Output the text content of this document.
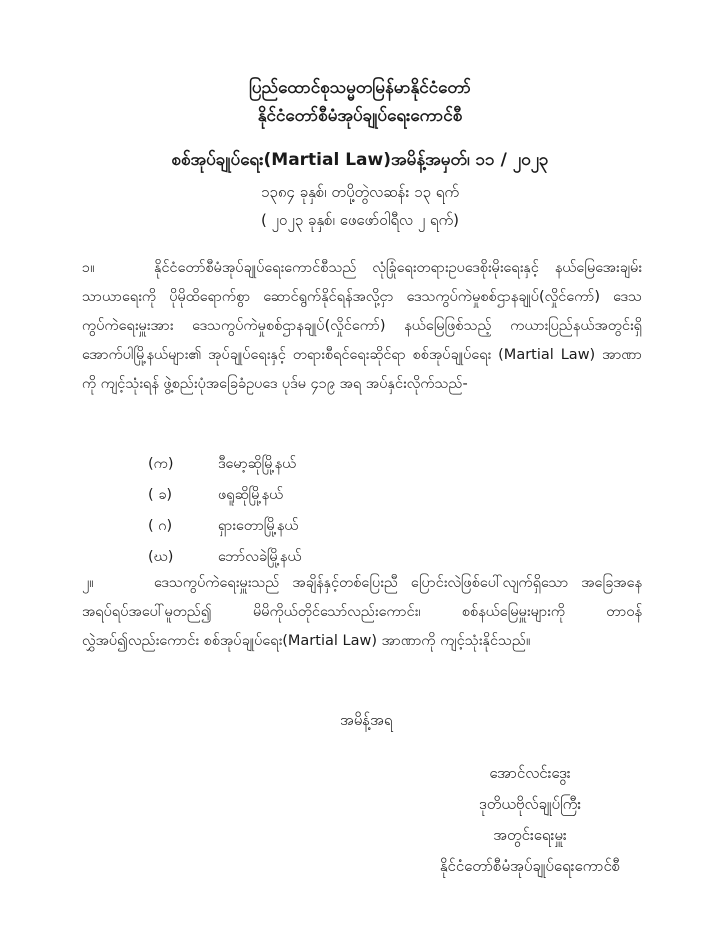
ပြည်ထောင်စုသမ္မတမြန်မာနိုင်ငံတော်
နိုင်ငံတော်စီမံအုပ်ချုပ်ရေးကောင်စီ
စစ်အုပ်ချုပ်ရေး(Martial Law)အမိန့်အမှတ်၊ ၁၁ / ၂၀၂၃
၁၃၈၄ ခုနှစ်၊ တပို့တွဲလဆန်း ၁၃ ရက်
( ၂၀၂၃ ခုနှစ်၊ ဖေဖော်ဝါရီလ ၂ ရက်)
၁။	နိုင်ငံတော်စီမံအုပ်ချုပ်ရေးကောင်စီသည် လုံခြုံရေးတရားဥပဒေစိုးမိုးရေးနှင့် နယ်မြေအေးချမ်းသာယာရေးကို ပိုမိုထိရောက်စွာ ဆောင်ရွက်နိုင်ရန်အလို့ငှာ ဒေသကွပ်ကဲမှုစစ်ဌာနချုပ်(လှိုင်ကော်) ဒေသကွပ်ကဲရေးမှူးအား ဒေသကွပ်ကဲမှုစစ်ဌာနချုပ်(လှိုင်ကော်) နယ်မြေဖြစ်သည့် ကယားပြည်နယ်အတွင်းရှိ အောက်ပါမြို့နယ်များ၏ အုပ်ချုပ်ရေးနှင့် တရားစီရင်ရေးဆိုင်ရာ စစ်အုပ်ချုပ်ရေး (Martial Law) အာဏာကို ကျင့်သုံးရန် ဖွဲ့စည်းပုံအခြေခံဥပဒေ ပုဒ်မ ၄၁၉ အရ အပ်နှင်းလိုက်သည်-
(က)	ဒီမော့ဆိုမြို့နယ်
( ခ)	ဖရူဆိုမြို့နယ်
( ဂ)	ရှားတောမြို့နယ်
(ဃ)	ဘော်လခဲမြို့နယ်
၂။	ဒေသကွပ်ကဲရေးမှူးသည် အချိန်နှင့်တစ်ပြေးညီ ပြောင်းလဲဖြစ်ပေါ်လျက်ရှိသော အခြေအနေ အရပ်ရပ်အပေါ်မူတည်၍ မိမိကိုယ်တိုင်သော်လည်းကောင်း၊ စစ်နယ်မြေမှူးများကို တာဝန်လွှဲအပ်၍လည်းကောင်း စစ်အုပ်ချုပ်ရေး(Martial Law) အာဏာကို ကျင့်သုံးနိုင်သည်။
အမိန့်အရ
အောင်လင်းဒွေး
ဒုတိယဗိုလ်ချုပ်ကြီး
အတွင်းရေးမှူး
နိုင်ငံတော်စီမံအုပ်ချုပ်ရေးကောင်စီ
